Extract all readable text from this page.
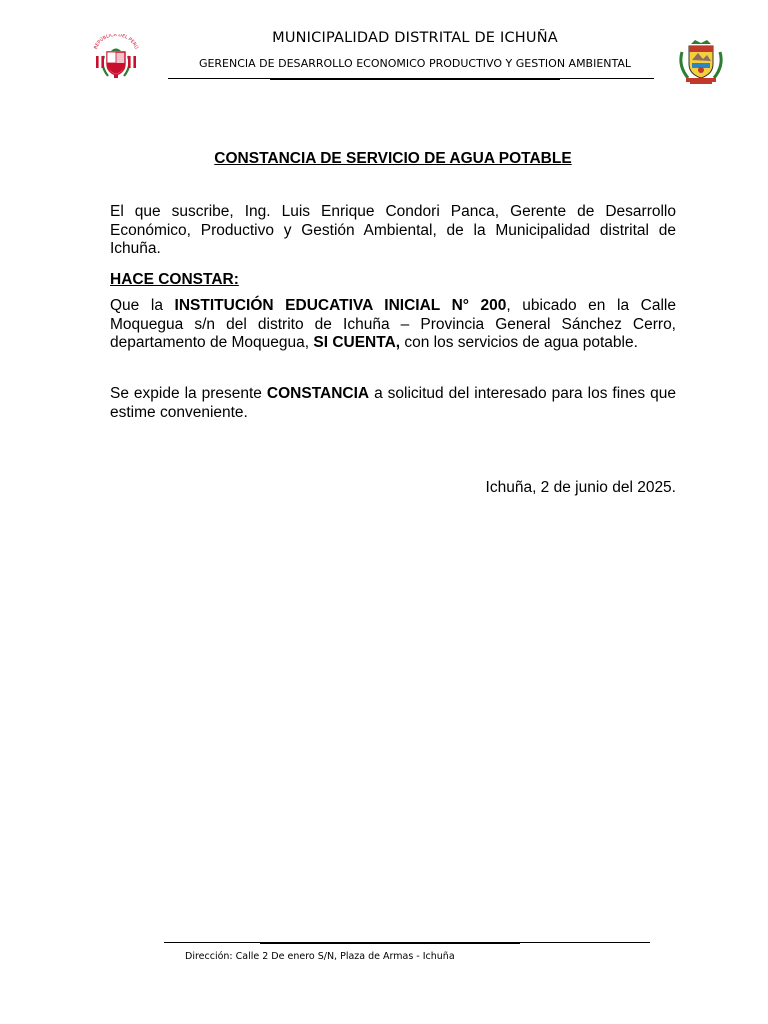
REPÚBLICA DEL PERÚ
MUNICIPALIDAD DISTRITAL DE ICHUÑA
GERENCIA DE DESARROLLO ECONOMICO PRODUCTIVO Y GESTION AMBIENTAL
CONSTANCIA DE SERVICIO DE AGUA POTABLE

El que suscribe, Ing. Luis Enrique Condori Panca, Gerente de Desarrollo Económico, Productivo y Gestión Ambiental, de la Municipalidad distrital de Ichuña.

HACE CONSTAR:

Que la INSTITUCIÓN EDUCATIVA INICIAL N° 200, ubicado en la Calle Moquegua s/n del distrito de Ichuña – Provincia General Sánchez Cerro, departamento de Moquegua, SI CUENTA, con los servicios de agua potable.

Se expide la presente CONSTANCIA a solicitud del interesado para los fines que estime conveniente.

Ichuña, 2 de junio del 2025.
Dirección: Calle 2 De enero S/N, Plaza de Armas - Ichuña
